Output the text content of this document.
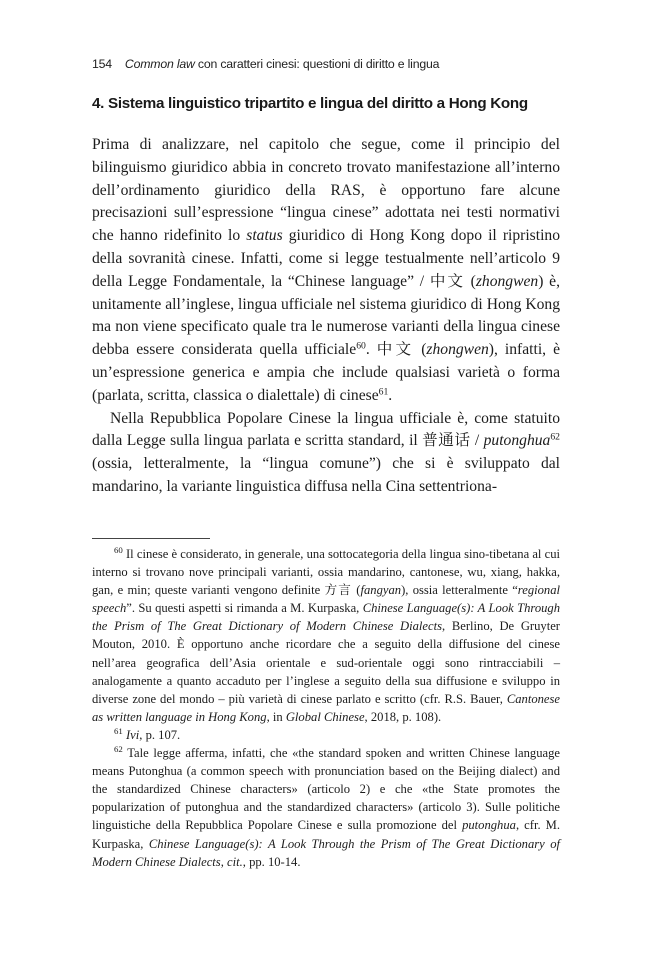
154 Common law con caratteri cinesi: questioni di diritto e lingua
4. Sistema linguistico tripartito e lingua del diritto a Hong Kong

Prima di analizzare, nel capitolo che segue, come il principio del bilinguismo giuridico abbia in concreto trovato manifestazione all’interno dell’ordinamento giuridico della RAS, è opportuno fare alcune precisazioni sull’espressione “lingua cinese” adottata nei testi normativi che hanno ridefinito lo status giuridico di Hong Kong dopo il ripristino della sovranità cinese. Infatti, come si legge testualmente nell’articolo 9 della Legge Fondamentale, la “Chinese language” / 中文 (zhongwen) è, unitamente all’inglese, lingua ufficiale nel sistema giuridico di Hong Kong ma non viene specificato quale tra le numerose varianti della lingua cinese debba essere considerata quella ufficiale$^{60}$. 中文 (zhongwen), infatti, è un’espressione generica e ampia che include qualsiasi varietà o forma (parlata, scritta, classica o dialettale) di cinese$^{61}$.

Nella Repubblica Popolare Cinese la lingua ufficiale è, come statuito dalla Legge sulla lingua parlata e scritta standard, il 普通话 / putonghua$^{62}$ (ossia, letteralmente, la “lingua comune”) che si è sviluppato dal mandarino, la variante linguistica diffusa nella Cina settentriona-

$^{60}$ Il cinese è considerato, in generale, una sottocategoria della lingua sino-tibetana al cui interno si trovano nove principali varianti, ossia mandarino, cantonese, wu, xiang, hakka, gan, e min; queste varianti vengono definite 方言 (fangyan), ossia letteralmente “regional speech”. Su questi aspetti si rimanda a M. Kurpaska, Chinese Language(s): A Look Through the Prism of The Great Dictionary of Modern Chinese Dialects, Berlino, De Gruyter Mouton, 2010. È opportuno anche ricordare che a seguito della diffusione del cinese nell’area geografica dell’Asia orientale e sud-orientale oggi sono rintracciabili – analogamente a quanto accaduto per l’inglese a seguito della sua diffusione e sviluppo in diverse zone del mondo – più varietà di cinese parlato e scritto (cfr. R.S. Bauer, Cantonese as written language in Hong Kong, in Global Chinese, 2018, p. 108).

$^{61}$ Ivi, p. 107.

$^{62}$ Tale legge afferma, infatti, che «the standard spoken and written Chinese language means Putonghua (a common speech with pronunciation based on the Beijing dialect) and the standardized Chinese characters» (articolo 2) e che «the State promotes the popularization of putonghua and the standardized characters» (articolo 3). Sulle politiche linguistiche della Repubblica Popolare Cinese e sulla promozione del putonghua, cfr. M. Kurpaska, Chinese Language(s): A Look Through the Prism of The Great Dictionary of Modern Chinese Dialects, cit., pp. 10-14.
